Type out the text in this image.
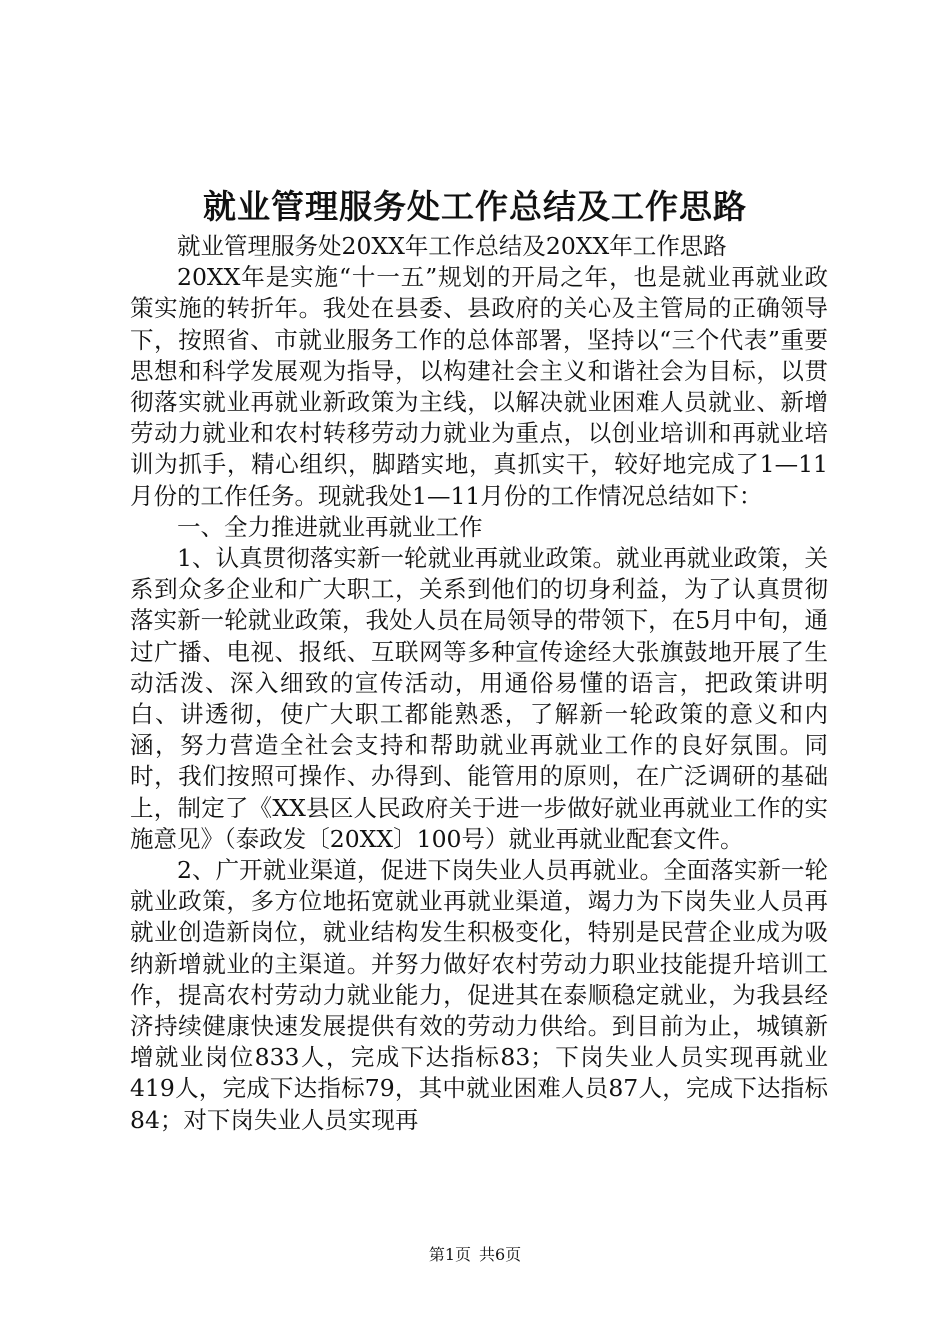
就业管理服务处工作总结及工作思路

就业管理服务处20XX年工作总结及20XX年工作思路

20XX年是实施“十一五”规划的开局之年，也是就业再就业政策实施的转折年。我处在县委、县政府的关心及主管局的正确领导下，按照省、市就业服务工作的总体部署，坚持以“三个代表”重要思想和科学发展观为指导，以构建社会主义和谐社会为目标，以贯彻落实就业再就业新政策为主线，以解决就业困难人员就业、新增劳动力就业和农村转移劳动力就业为重点，以创业培训和再就业培训为抓手，精心组织，脚踏实地，真抓实干，较好地完成了1—11月份的工作任务。现就我处1—11月份的工作情况总结如下：

一、全力推进就业再就业工作

1、认真贯彻落实新一轮就业再就业政策。就业再就业政策，关系到众多企业和广大职工，关系到他们的切身利益，为了认真贯彻落实新一轮就业政策，我处人员在局领导的带领下，在5月中旬，通过广播、电视、报纸、互联网等多种宣传途经大张旗鼓地开展了生动活泼、深入细致的宣传活动，用通俗易懂的语言，把政策讲明白、讲透彻，使广大职工都能熟悉，了解新一轮政策的意义和内涵，努力营造全社会支持和帮助就业再就业工作的良好氛围。同时，我们按照可操作、办得到、能管用的原则，在广泛调研的基础上，制定了《XX县区人民政府关于进一步做好就业再就业工作的实施意见》（泰政发〔20XX〕100号）就业再就业配套文件。

2、广开就业渠道，促进下岗失业人员再就业。全面落实新一轮就业政策，多方位地拓宽就业再就业渠道，竭力为下岗失业人员再就业创造新岗位，就业结构发生积极变化，特别是民营企业成为吸纳新增就业的主渠道。并努力做好农村劳动力职业技能提升培训工作，提高农村劳动力就业能力，促进其在泰顺稳定就业，为我县经济持续健康快速发展提供有效的劳动力供给。到目前为止，城镇新增就业岗位833人，完成下达指标83；下岗失业人员实现再就业419人，完成下达指标79，其中就业困难人员87人，完成下达指标84；对下岗失业人员实现再

第1页 共6页
